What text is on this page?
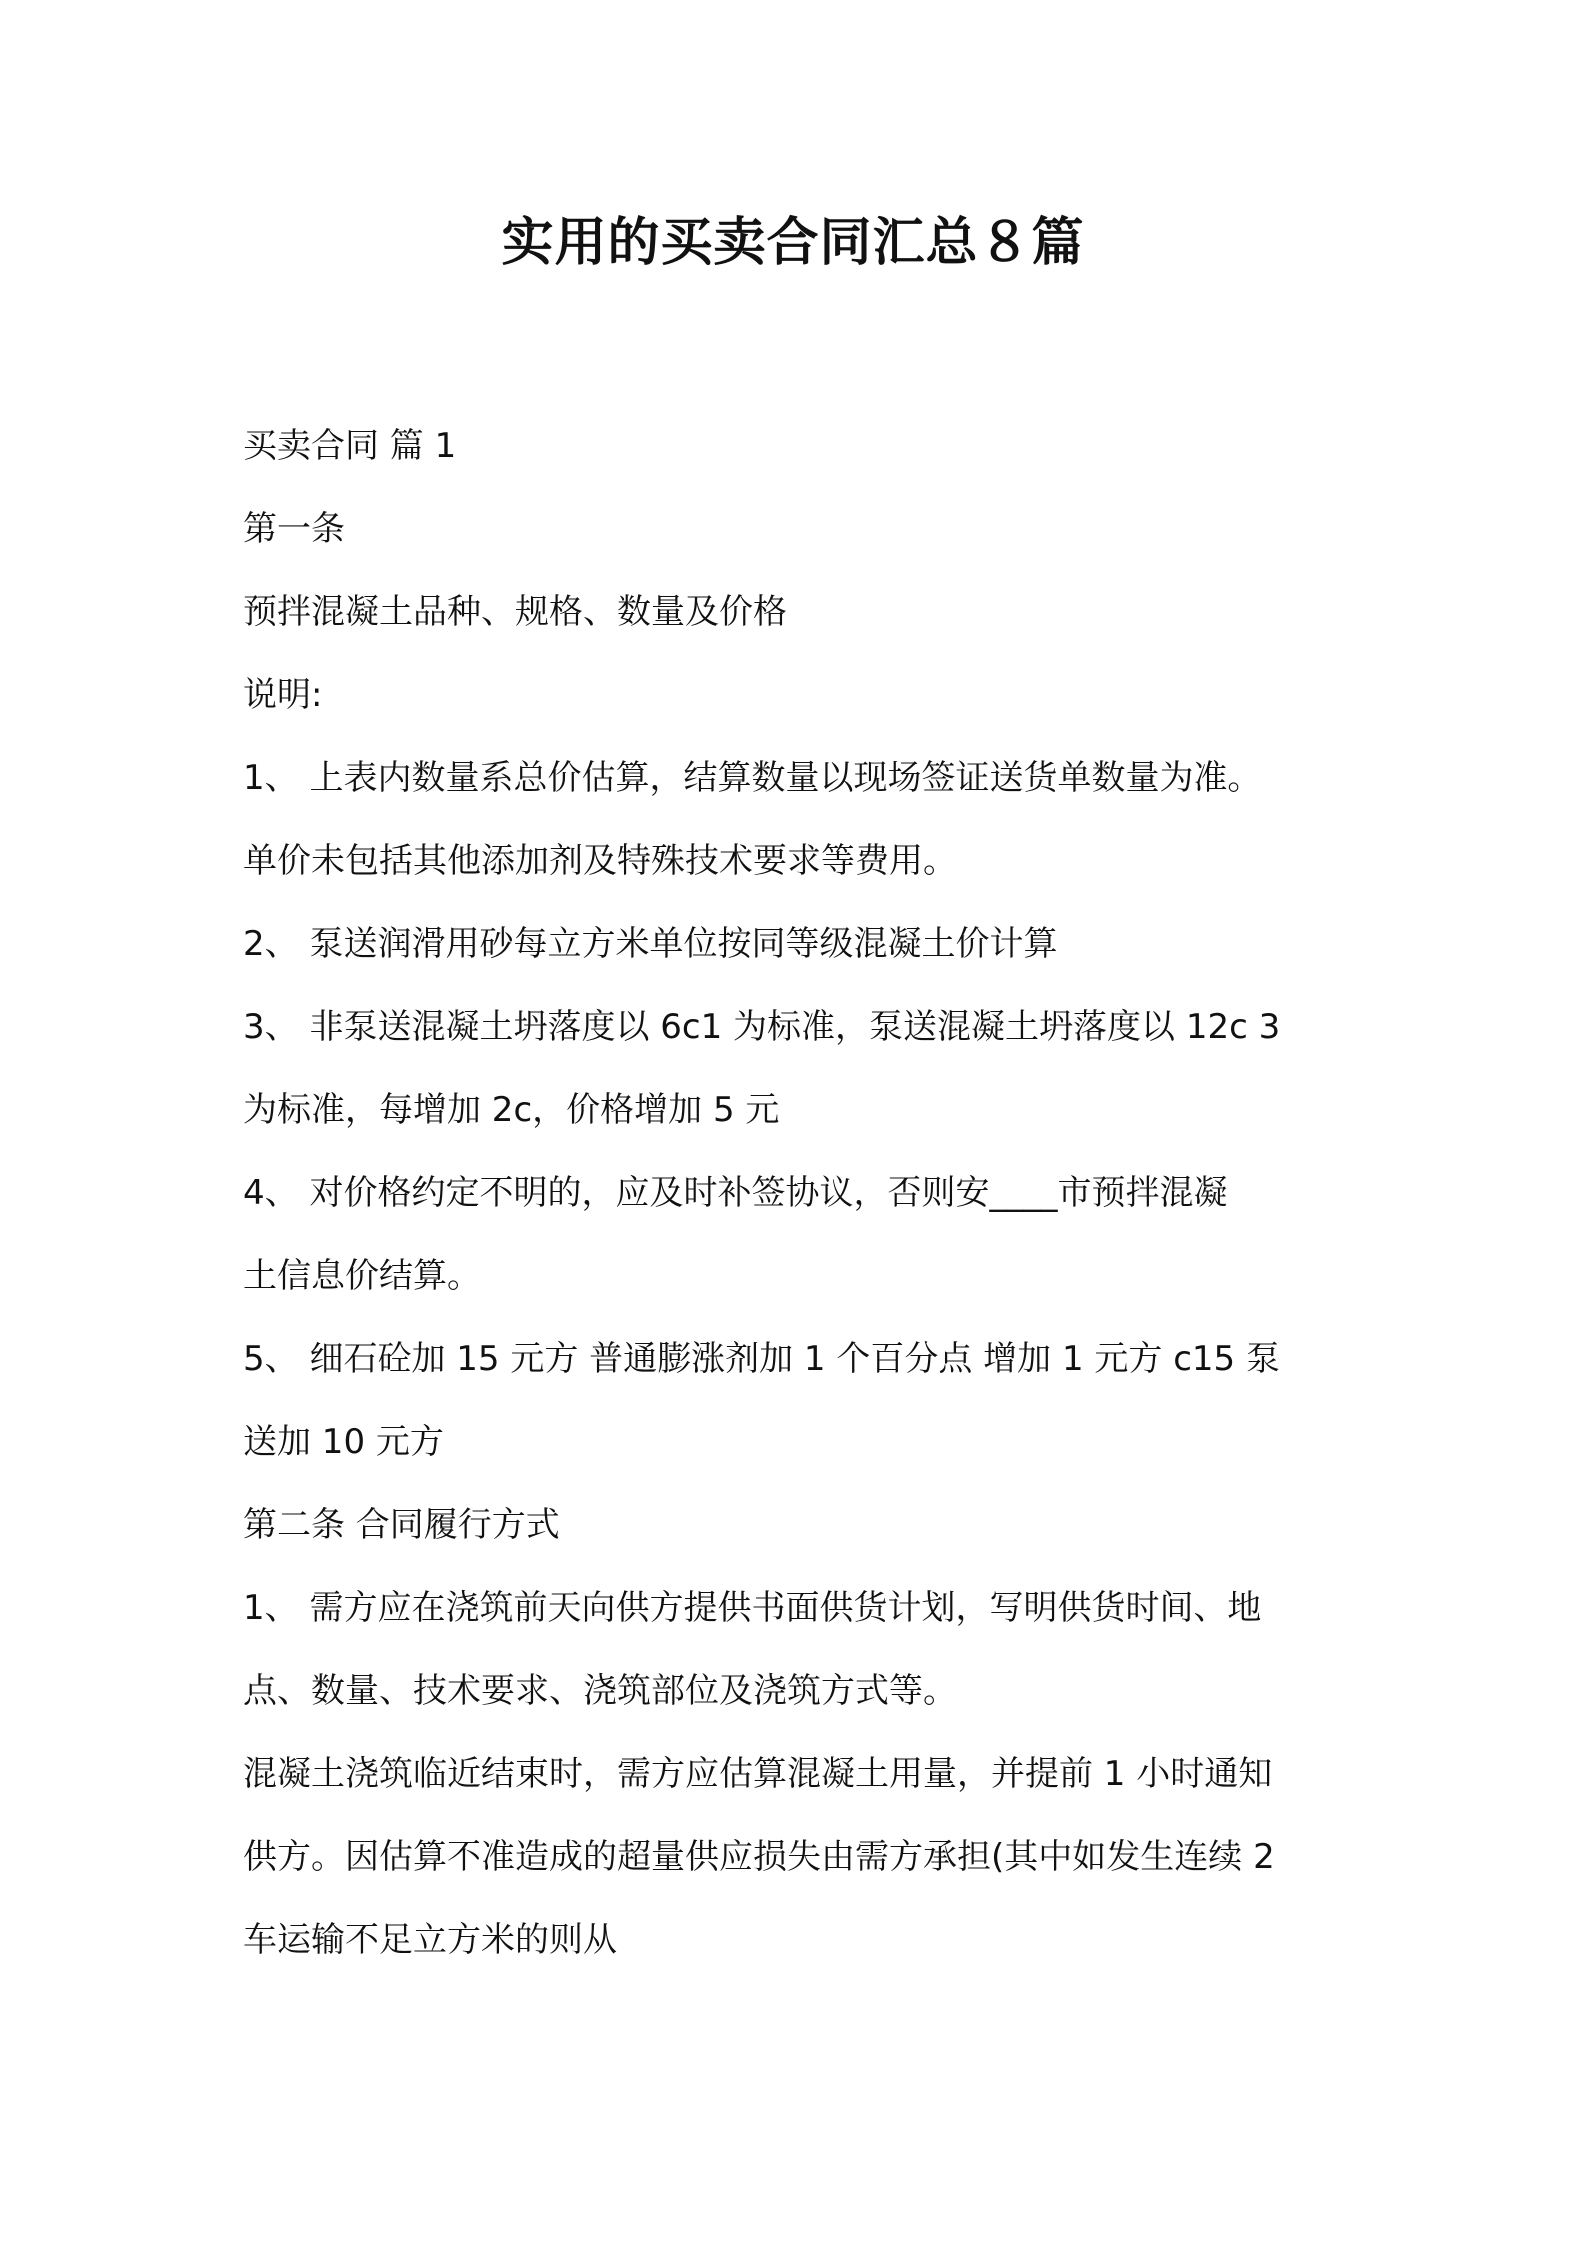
实用的买卖合同汇总８篇
买卖合同 篇 1
第一条
预拌混凝土品种、规格、数量及价格
说明:
1、 上表内数量系总价估算，结算数量以现场签证送货单数量为准。
单价未包括其他添加剂及特殊技术要求等费用。
2、 泵送润滑用砂每立方米单位按同等级混凝土价计算
3、 非泵送混凝土坍落度以 6c1 为标准，泵送混凝土坍落度以 12c 3
为标准，每增加 2c，价格增加 5 元
4、 对价格约定不明的，应及时补签协议，否则安____市预拌混凝
土信息价结算。
5、 细石砼加 15 元方 普通膨涨剂加 1 个百分点 增加 1 元方 c15 泵
送加 10 元方
第二条 合同履行方式
1、 需方应在浇筑前天向供方提供书面供货计划，写明供货时间、地
点、数量、技术要求、浇筑部位及浇筑方式等。
混凝土浇筑临近结束时，需方应估算混凝土用量，并提前 1 小时通知
供方。因估算不准造成的超量供应损失由需方承担(其中如发生连续 2
车运输不足立方米的则从
